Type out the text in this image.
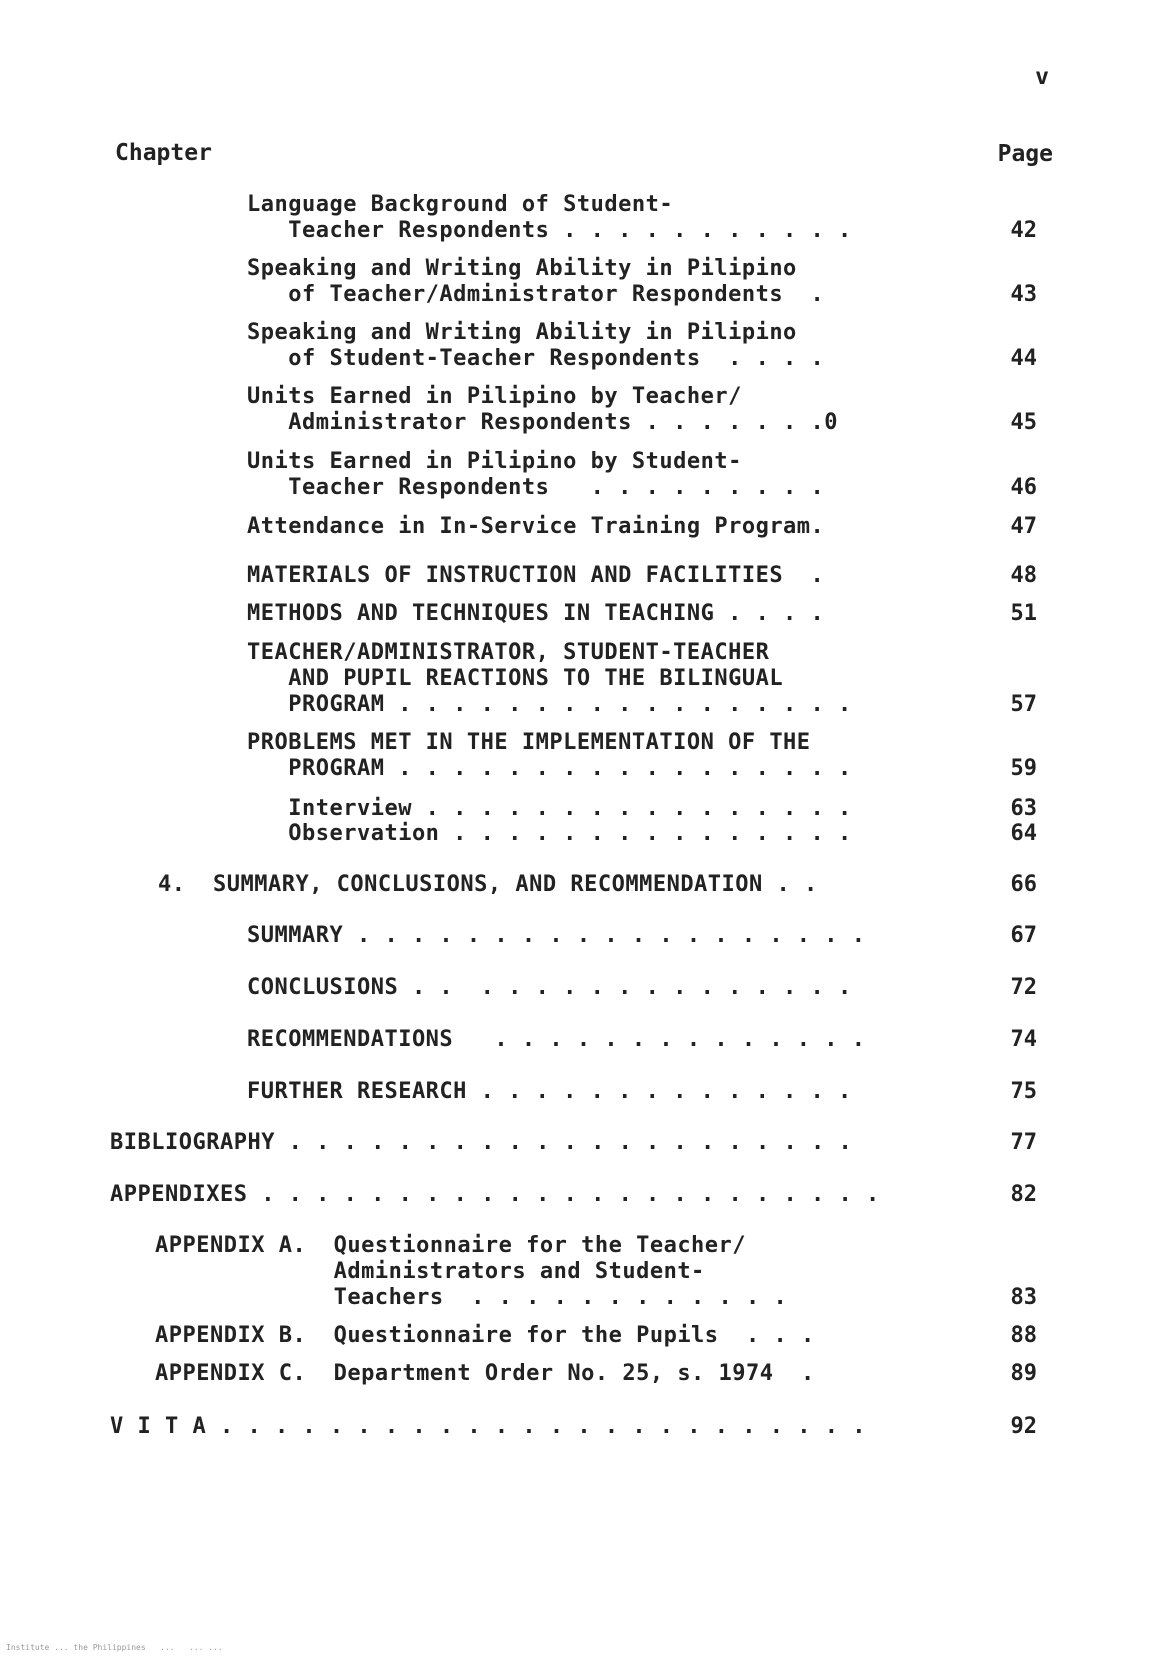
v
Chapter	Page
Language Background of Student-
Teacher Respondents . . . . . . . . . . .	42
Speaking and Writing Ability in Pilipino
of Teacher/Administrator Respondents  .	43
Speaking and Writing Ability in Pilipino
of Student-Teacher Respondents  . . . .	44
Units Earned in Pilipino by Teacher/
Administrator Respondents . . . . . . .0	45
Units Earned in Pilipino by Student-
Teacher Respondents   . . . . . . . . .	46
Attendance in In-Service Training Program.	47
MATERIALS OF INSTRUCTION AND FACILITIES  .	48
METHODS AND TECHNIQUES IN TEACHING . . . .	51
TEACHER/ADMINISTRATOR, STUDENT-TEACHER
AND PUPIL REACTIONS TO THE BILINGUAL
PROGRAM . . . . . . . . . . . . . . . . .	57
PROBLEMS MET IN THE IMPLEMENTATION OF THE
PROGRAM . . . . . . . . . . . . . . . . .	59
Interview . . . . . . . . . . . . . . . .	63
Observation . . . . . . . . . . . . . . .	64
4.  SUMMARY, CONCLUSIONS, AND RECOMMENDATION . .	66
SUMMARY . . . . . . . . . . . . . . . . . . .	67
CONCLUSIONS . .  . . . . . . . . . . . . . .	72
RECOMMENDATIONS   . . . . . . . . . . . . . .	74
FURTHER RESEARCH . . . . . . . . . . . . . .	75
BIBLIOGRAPHY . . . . . . . . . . . . . . . . . . . . .	77
APPENDIXES . . . . . . . . . . . . . . . . . . . . . . .	82
APPENDIX A.  Questionnaire for the Teacher/
Administrators and Student-
Teachers  . . . . . . . . . . . .	83
APPENDIX B.  Questionnaire for the Pupils  . . .	88
APPENDIX C.  Department Order No. 25, s. 1974  .	89
V I T A . . . . . . . . . . . . . . . . . . . . . . . .	92
Institute ... the Philippines   ...   ... ...
